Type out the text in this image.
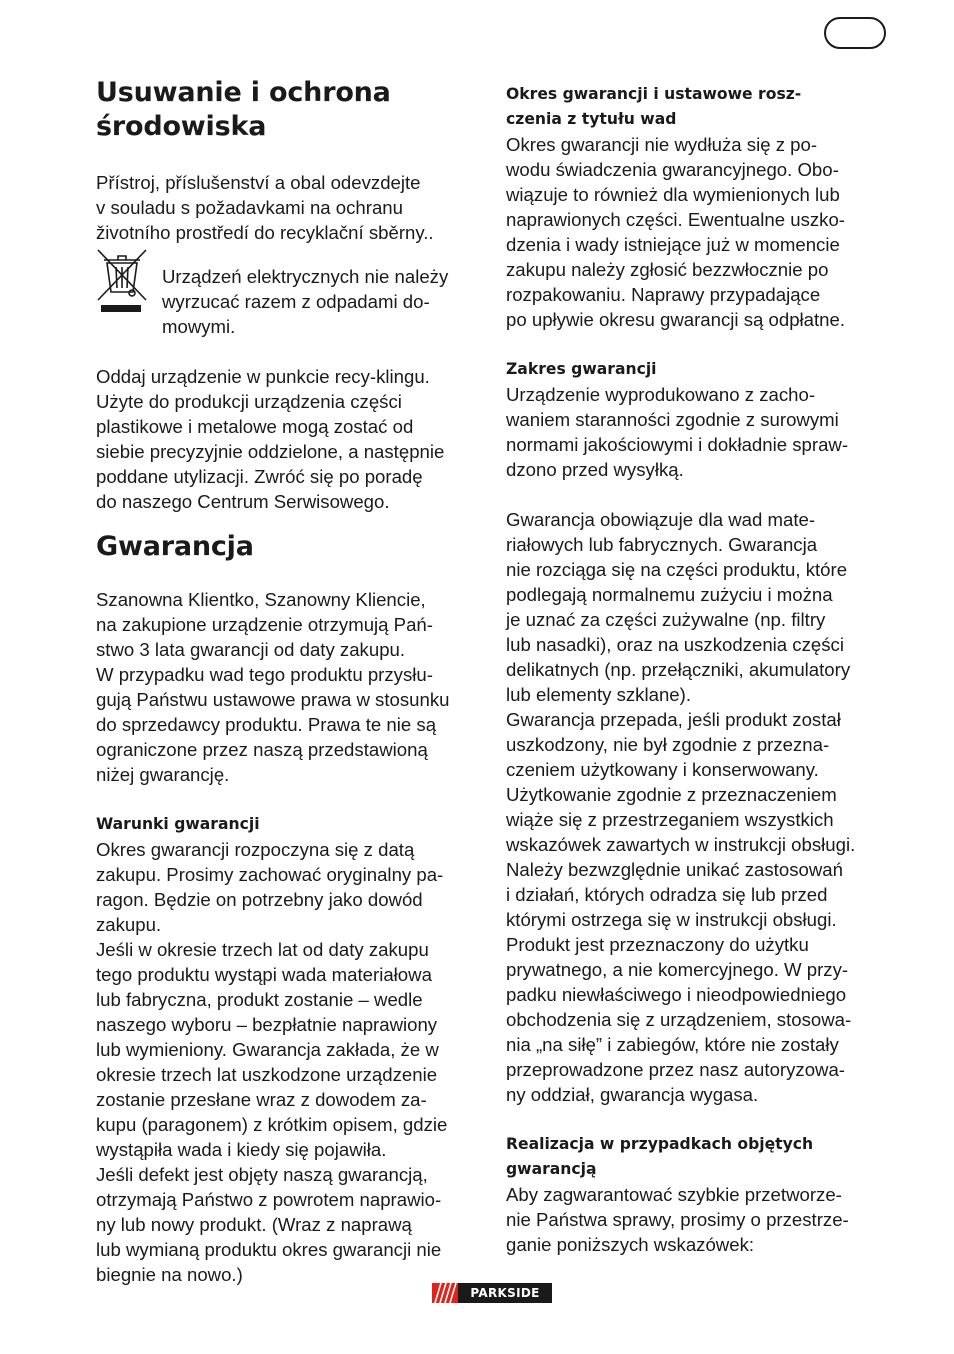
Usuwanie i ochrona
środowiska

Přístroj, příslušenství a obal odevzdejte
v souladu s požadavkami na ochranu
životního prostředí do recyklační sběrny..

Urządzeń elektrycznych nie należy
wyrzucać razem z odpadami do-
mowymi.

Oddaj urządzenie w punkcie recy-klingu.
Użyte do produkcji urządzenia części
plastikowe i metalowe mogą zostać od
siebie precyzyjnie oddzielone, a następnie
poddane utylizacji. Zwróć się po poradę
do naszego Centrum Serwisowego.

Gwarancja

Szanowna Klientko, Szanowny Kliencie,
na zakupione urządzenie otrzymują Pań-
stwo 3 lata gwarancji od daty zakupu.
W przypadku wad tego produktu przysłu-
gują Państwu ustawowe prawa w stosunku
do sprzedawcy produktu. Prawa te nie są
ograniczone przez naszą przedstawioną
niżej gwarancję.

Warunki gwarancji

Okres gwarancji rozpoczyna się z datą
zakupu. Prosimy zachować oryginalny pa-
ragon. Będzie on potrzebny jako dowód
zakupu.
Jeśli w okresie trzech lat od daty zakupu
tego produktu wystąpi wada materiałowa
lub fabryczna, produkt zostanie – wedle
naszego wyboru – bezpłatnie naprawiony
lub wymieniony. Gwarancja zakłada, że w
okresie trzech lat uszkodzone urządzenie
zostanie przesłane wraz z dowodem za-
kupu (paragonem) z krótkim opisem, gdzie
wystąpiła wada i kiedy się pojawiła.
Jeśli defekt jest objęty naszą gwarancją,
otrzymają Państwo z powrotem naprawio-
ny lub nowy produkt. (Wraz z naprawą
lub wymianą produktu okres gwarancji nie
biegnie na nowo.)

Okres gwarancji i ustawowe rosz-
czenia z tytułu wad

Okres gwarancji nie wydłuża się z po-
wodu świadczenia gwarancyjnego. Obo-
wiązuje to również dla wymienionych lub
naprawionych części. Ewentualne uszko-
dzenia i wady istniejące już w momencie
zakupu należy zgłosić bezzwłocznie po
rozpakowaniu. Naprawy przypadające
po upływie okresu gwarancji są odpłatne.

Zakres gwarancji

Urządzenie wyprodukowano z zacho-
waniem staranności zgodnie z surowymi
normami jakościowymi i dokładnie spraw-
dzono przed wysyłką.

Gwarancja obowiązuje dla wad mate-
riałowych lub fabrycznych. Gwarancja
nie rozciąga się na części produktu, które
podlegają normalnemu zużyciu i można
je uznać za części zużywalne (np. filtry
lub nasadki), oraz na uszkodzenia części
delikatnych (np. przełączniki, akumulatory
lub elementy szklane).
Gwarancja przepada, jeśli produkt został
uszkodzony, nie był zgodnie z przezna-
czeniem użytkowany i konserwowany.
Użytkowanie zgodnie z przeznaczeniem
wiąże się z przestrzeganiem wszystkich
wskazówek zawartych w instrukcji obsługi.
Należy bezwzględnie unikać zastosowań
i działań, których odradza się lub przed
którymi ostrzega się w instrukcji obsługi.
Produkt jest przeznaczony do użytku
prywatnego, a nie komercyjnego. W przy-
padku niewłaściwego i nieodpowiedniego
obchodzenia się z urządzeniem, stosowa-
nia „na siłę” i zabiegów, które nie zostały
przeprowadzone przez nasz autoryzowa-
ny oddział, gwarancja wygasa.

Realizacja w przypadkach objętych
gwarancją

Aby zagwarantować szybkie przetworze-
nie Państwa sprawy, prosimy o przestrze-
ganie poniższych wskazówek:

PARKSIDE
